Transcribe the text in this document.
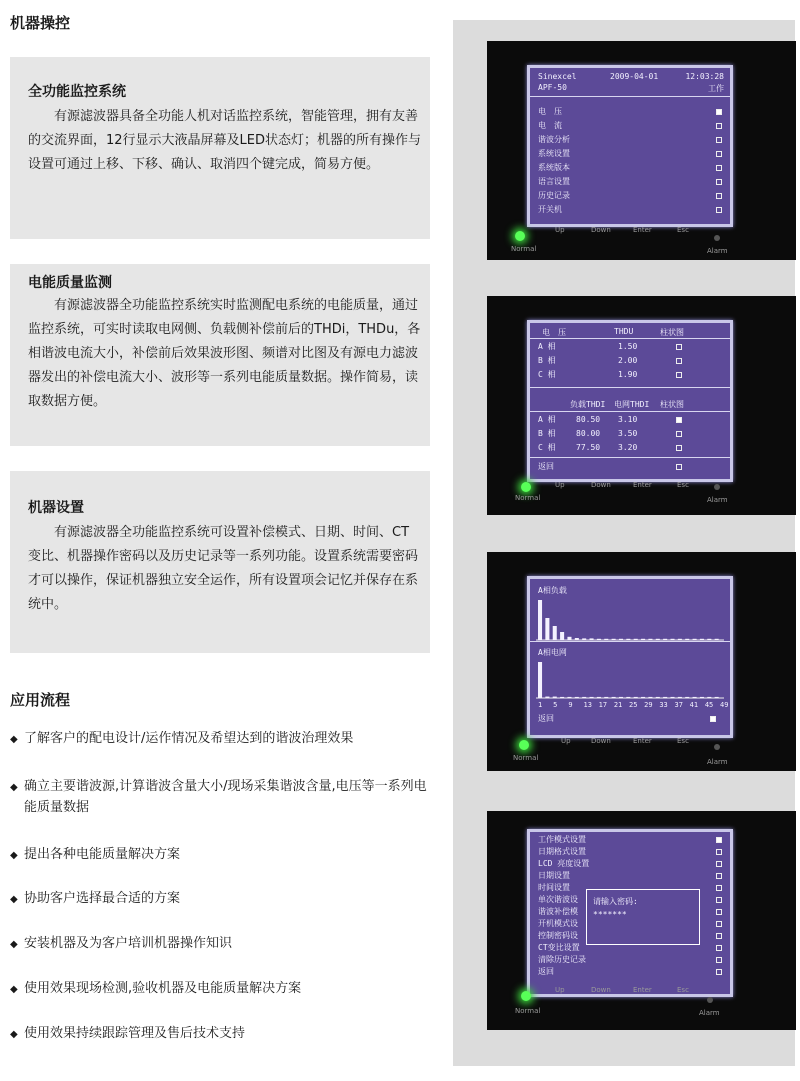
机器操控
全功能监控系统
有源滤波器具备全功能人机对话监控系统，智能管理，拥有友善的交流界面，12行显示大液晶屏幕及LED状态灯；机器的所有操作与设置可通过上移、下移、确认、取消四个键完成，简易方便。
电能质量监测
有源滤波器全功能监控系统实时监测配电系统的电能质量，通过监控系统，可实时读取电网侧、负载侧补偿前后的THDi，THDu，各相谐波电流大小，补偿前后效果波形图、频谱对比图及有源电力滤波器发出的补偿电流大小、波形等一系列电能质量数据。操作简易，读取数据方便。
机器设置
有源滤波器全功能监控系统可设置补偿模式、日期、时间、CT变比、机器操作密码以及历史记录等一系列功能。设置系统需要密码才可以操作，保证机器独立安全运作，所有设置项会记忆并保存在系统中。
应用流程
◆ 了解客户的配电设计/运作情况及希望达到的谐波治理效果
◆ 确立主要谐波源,计算谐波含量大小/现场采集谐波含量,电压等一系列电能质量数据
◆ 提出各种电能质量解决方案
◆ 协助客户选择最合适的方案
◆ 安装机器及为客户培训机器操作知识
◆ 使用效果现场检测,验收机器及电能质量解决方案
◆ 使用效果持续跟踪管理及售后技术支持
Sinexcel	2009-04-01	12:03:28
APF-50	工作
电　压
电　流
谐波分析
系统设置
系统版本
语言设置
历史记录
开关机
Up	Down	Enter	Esc
Normal	Alarm
电　压	THDU	柱状图
A 相	1.50
B 相	2.00
C 相	1.90
负载THDI 电网THDI 柱状图
A 相	80.50 3.10
B 相	80.00 3.50
C 相	77.50 3.20
返回
Up	Down	Enter	Esc
Normal	Alarm
A相负载
A相电网
1 5 9 13 17 21 25 29 33 37 41 45 49
返回
Up	Down	Enter	Esc
Normal	Alarm
工作模式设置
日期格式设置
LCD 亮度设置
日期设置
时间设置
单次谐波设
谐波补偿模
开机模式设
控制密码设
CT变比设置
清除历史记录
返回
请输入密码:
*******
Up	Down	Enter	Esc
Normal	Alarm
